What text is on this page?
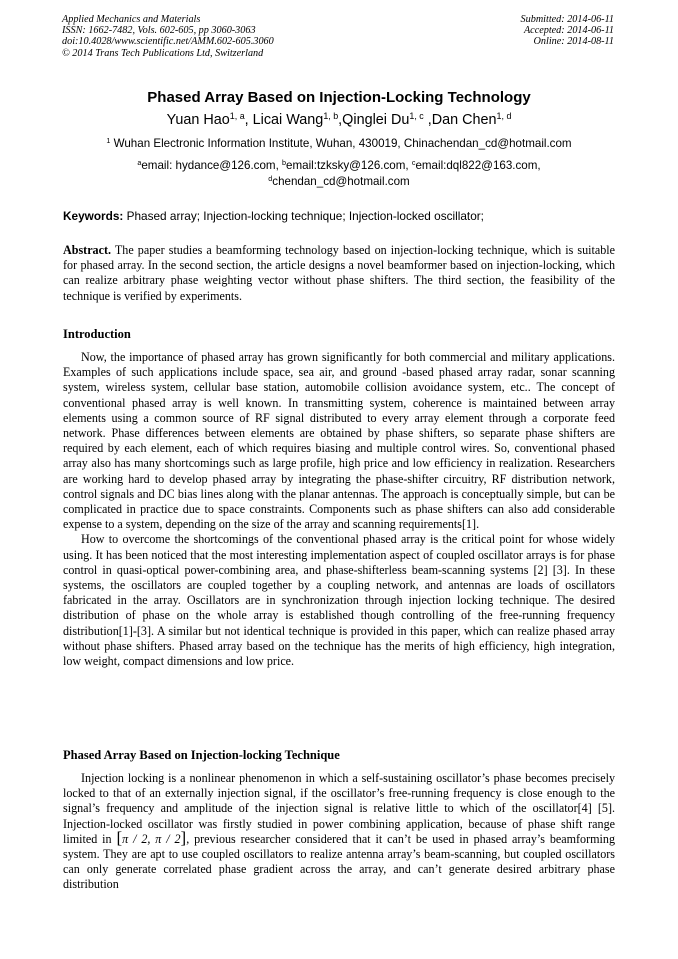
Applied Mechanics and Materials
ISSN: 1662-7482, Vols. 602-605, pp 3060-3063
doi:10.4028/www.scientific.net/AMM.602-605.3060
© 2014 Trans Tech Publications Ltd, Switzerland
Submitted: 2014-06-11
Accepted: 2014-06-11
Online: 2014-08-11
Phased Array Based on Injection-Locking Technology
Yuan Hao$^{1, a}$, Licai Wang$^{1, b}$,Qinglei Du$^{1, c}$ ,Dan Chen$^{1, d}$
$^1$ Wuhan Electronic Information Institute, Wuhan, 430019, Chinachendan_cd@hotmail.com
$^a$email: hydance@126.com, $^b$email:tzksky@126.com, $^c$email:dql822@163.com,
$^d$chendan_cd@hotmail.com
Keywords: Phased array; Injection-locking technique; Injection-locked oscillator;

Abstract. The paper studies a beamforming technology based on injection-locking technique, which is suitable for phased array. In the second section, the article designs a novel beamformer based on injection-locking, which can realize arbitrary phase weighting vector without phase shifters. The third section, the feasibility of the technique is verified by experiments.

Introduction

Now, the importance of phased array has grown significantly for both commercial and military applications. Examples of such applications include space, sea air, and ground -based phased array radar, sonar scanning system, wireless system, cellular base station, automobile collision avoidance system, etc.. The concept of conventional phased array is well known. In transmitting system, coherence is maintained between array elements using a common source of RF signal distributed to every array element through a corporate feed network. Phase differences between elements are obtained by phase shifters, so separate phase shifters are required by each element, each of which requires biasing and multiple control wires. So, conventional phased array also has many shortcomings such as large profile, high price and low efficiency in realization. Researchers are working hard to develop phased array by integrating the phase-shifter circuitry, RF distribution network, control signals and DC bias lines along with the planar antennas. The approach is conceptually simple, but can be complicated in practice due to space constraints. Components such as phase shifters can also add considerable expense to a system, depending on the size of the array and scanning requirements[1].

How to overcome the shortcomings of the conventional phased array is the critical point for whose widely using. It has been noticed that the most interesting implementation aspect of coupled oscillator arrays is for phase control in quasi-optical power-combining area, and phase-shifterless beam-scanning systems [2] [3]. In these systems, the oscillators are coupled together by a coupling network, and antennas are loads of oscillators fabricated in the array. Oscillators are in synchronization through injection locking technique. The desired distribution of phase on the whole array is established though controlling of the free-running frequency distribution[1]-[3]. A similar but not identical technique is provided in this paper, which can realize phased array without phase shifters. Phased array based on the technique has the merits of high efficiency, high integration, low weight, compact dimensions and low price.

Phased Array Based on Injection-locking Technique

Injection locking is a nonlinear phenomenon in which a self-sustaining oscillator’s phase becomes precisely locked to that of an externally injection signal, if the oscillator’s free-running frequency is close enough to the signal’s frequency and amplitude of the injection signal is relative little to which of the oscillator[4] [5]. Injection-locked oscillator was firstly studied in power combining application, because of phase shift range limited in [π / 2, π / 2], previous researcher considered that it can’t be used in phased array’s beamforming system. They are apt to use coupled oscillators to realize antenna array’s beam-scanning, but coupled oscillators can only generate correlated phase gradient across the array, and can’t generate desired arbitrary phase distribution
